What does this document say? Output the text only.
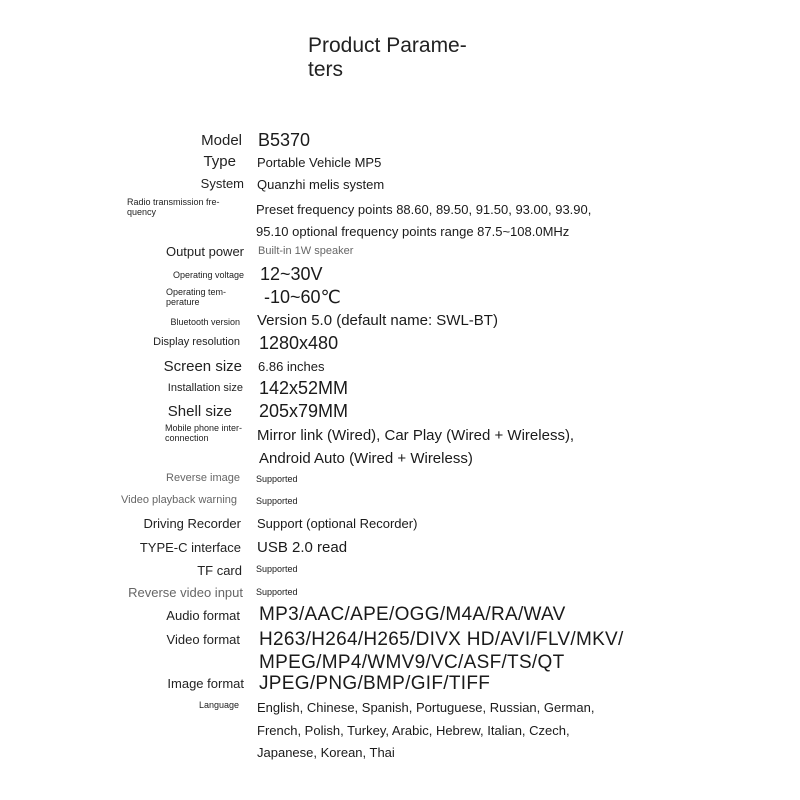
Product Parame-
ters
Model B5370
Type Portable Vehicle MP5
System Quanzhi melis system
Radio transmission fre-
quency	Preset frequency points 88.60, 89.50, 91.50, 93.00, 93.90,
95.10 optional frequency points range 87.5~108.0MHz
Output power Built-in 1W speaker
Operating voltage 12~30V
Operating tem-
perature	-10~60℃
Bluetooth version Version 5.0 (default name: SWL-BT)
Display resolution 1280x480
Screen size 6.86 inches
Installation size 142x52MM
Shell size 205x79MM
Mobile phone inter-
connection	Mirror link (Wired), Car Play (Wired + Wireless),
Android Auto (Wired + Wireless)
Reverse image Supported
Video playback warning Supported
Driving Recorder Support (optional Recorder)
TYPE-C interface USB 2.0 read
TF card Supported
Reverse video input Supported
Audio format MP3/AAC/APE/OGG/M4A/RA/WAV
Video format H263/H264/H265/DIVX HD/AVI/FLV/MKV/
MPEG/MP4/WMV9/VC/ASF/TS/QT
Image format JPEG/PNG/BMP/GIF/TIFF
Language English, Chinese, Spanish, Portuguese, Russian, German,
French, Polish, Turkey, Arabic, Hebrew, Italian, Czech,
Japanese, Korean, Thai
